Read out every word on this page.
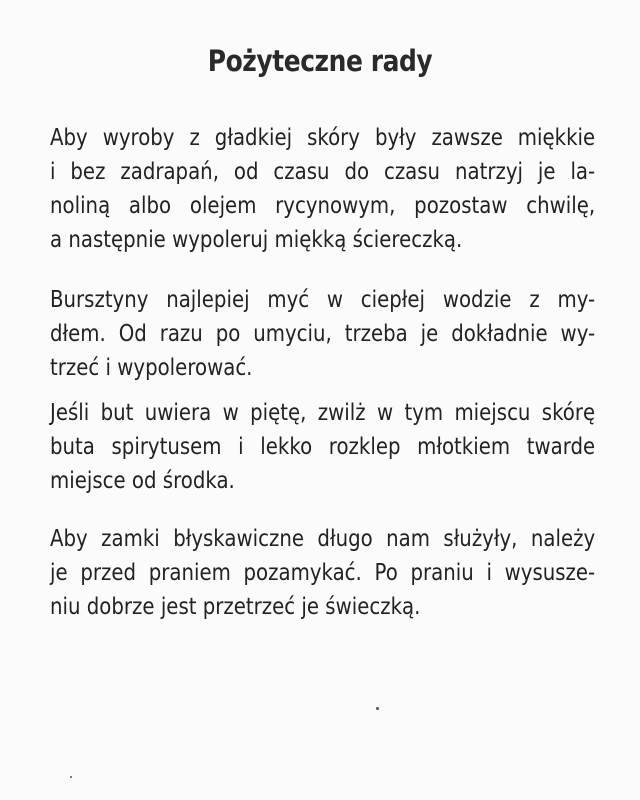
Pożyteczne rady
Aby wyroby z gładkiej skóry były zawsze miękkie
i bez zadrapań, od czasu do czasu natrzyj je la-
noliną albo olejem rycynowym, pozostaw chwilę,
a następnie wypoleruj miękką ściereczką.
Bursztyny najlepiej myć w ciepłej wodzie z my-
dłem. Od razu po umyciu, trzeba je dokładnie wy-
trzeć i wypolerować.
Jeśli but uwiera w piętę, zwilż w tym miejscu skórę
buta spirytusem i lekko rozklep młotkiem twarde
miejsce od środka.
Aby zamki błyskawiczne długo nam służyły, należy
je przed praniem pozamykać. Po praniu i wysusze-
niu dobrze jest przetrzeć je świeczką.
